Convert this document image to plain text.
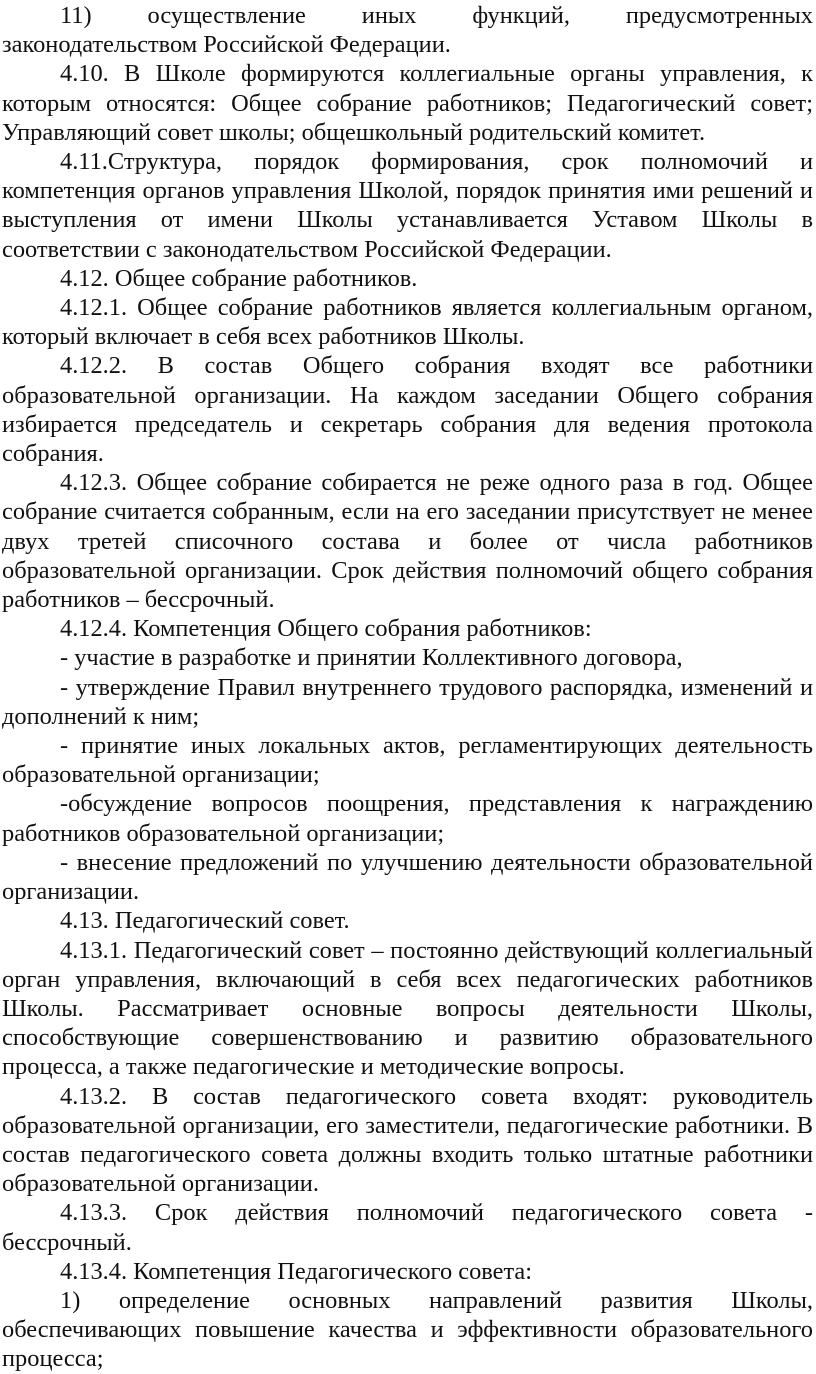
11) осуществление иных функций, предусмотренных законодательством Российской Федерации.

4.10. В Школе формируются коллегиальные органы управления, к которым относятся: Общее собрание работников; Педагогический совет; Управляющий совет школы; общешкольный родительский комитет.

4.11.Структура, порядок формирования, срок полномочий и компетенция органов управления Школой, порядок принятия ими решений и выступления от имени Школы устанавливается Уставом Школы в соответствии с законодательством Российской Федерации.

4.12. Общее собрание работников.

4.12.1. Общее собрание работников является коллегиальным органом, который включает в себя всех работников Школы.

4.12.2. В состав Общего собрания входят все работники образовательной организации. На каждом заседании Общего собрания избирается председатель и секретарь собрания для ведения протокола собрания.

4.12.3. Общее собрание собирается не реже одного раза в год. Общее собрание считается собранным, если на его заседании присутствует не менее двух третей списочного состава и более от числа работников образовательной организации. Срок действия полномочий общего собрания работников – бессрочный.

4.12.4. Компетенция Общего собрания работников:

- участие в разработке и принятии Коллективного договора,

- утверждение Правил внутреннего трудового распорядка, изменений и дополнений к ним;

- принятие иных локальных актов, регламентирующих деятельность образовательной организации;

-обсуждение вопросов поощрения, представления к награждению работников образовательной организации;

- внесение предложений по улучшению деятельности образовательной организации.

4.13. Педагогический совет.

4.13.1. Педагогический совет – постоянно действующий коллегиальный орган управления, включающий в себя всех педагогических работников Школы. Рассматривает основные вопросы деятельности Школы, способствующие совершенствованию и развитию образовательного процесса, а также педагогические и методические вопросы.

4.13.2. В состав педагогического совета входят: руководитель образовательной организации, его заместители, педагогические работники. В состав педагогического совета должны входить только штатные работники образовательной организации.

4.13.3. Срок действия полномочий педагогического совета - бессрочный.

4.13.4. Компетенция Педагогического совета:

1) определение основных направлений развития Школы, обеспечивающих повышение качества и эффективности образовательного процесса;
